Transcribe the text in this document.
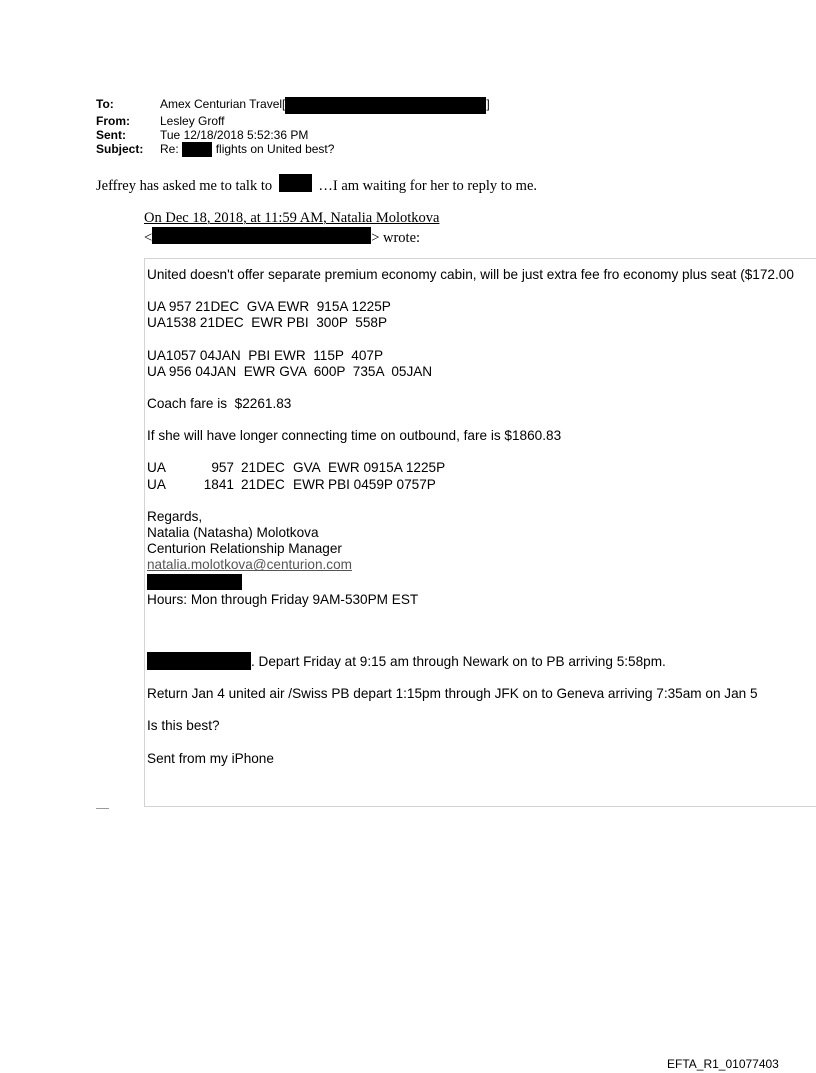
To:	Amex Centurian Travel[	]
From:	Lesley Groff
Sent:	Tue 12/18/2018 5:52:36 PM
Subject:	Re:	flights on United best?
Jeffrey has asked me to talk to	…I am waiting for her to reply to me.
On Dec 18, 2018, at 11:59 AM, Natalia Molotkova
<	> wrote:
United doesn't offer separate premium economy cabin, will be just extra fee fro economy plus seat ($172.00
UA 957 21DEC  GVA EWR  915A 1225P
UA1538 21DEC  EWR PBI  300P  558P
UA1057 04JAN  PBI EWR  115P  407P
UA 956 04JAN  EWR GVA  600P  735A  05JAN
Coach fare is  $2261.83
If she will have longer connecting time on outbound, fare is $1860.83
UA	957 21DEC GVA EWR 0915A 1225P
UA	1841 21DEC EWR PBI 0459P 0757P
Regards,
Natalia (Natasha) Molotkova
Centurion Relationship Manager
natalia.molotkova@centurion.com
Hours: Mon through Friday 9AM-530PM EST
. Depart Friday at 9:15 am through Newark on to PB arriving 5:58pm.
Return Jan 4 united air /Swiss PB depart 1:15pm through JFK on to Geneva arriving 7:35am on Jan 5
Is this best?
Sent from my iPhone
EFTA_R1_01077403
